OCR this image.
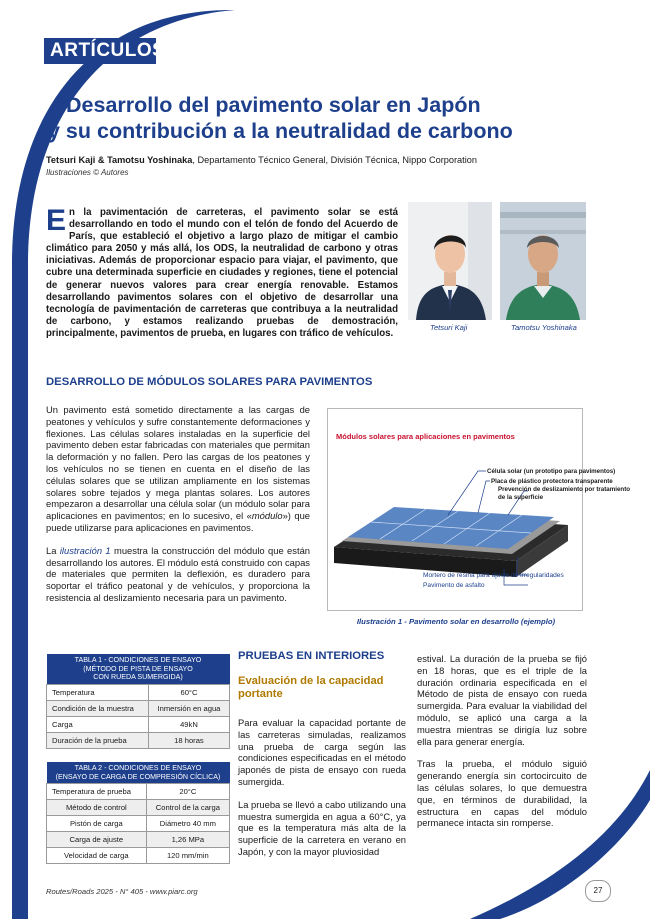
ARTÍCULOS
Desarrollo del pavimento solar en Japón
y su contribución a la neutralidad de carbono
Tetsuri Kaji & Tamotsu Yoshinaka, Departamento Técnico General, División Técnica, Nippo Corporation
Ilustraciones © Autores
En la pavimentación de carreteras, el pavimento solar se está desarrollando en todo el mundo con el telón de fondo del Acuerdo de París, que estableció el objetivo a largo plazo de mitigar el cambio climático para 2050 y más allá, los ODS, la neutralidad de carbono y otras iniciativas. Además de proporcionar espacio para viajar, el pavimento, que cubre una determinada superficie en ciudades y regiones, tiene el potencial de generar nuevos valores para crear energía renovable. Estamos desarrollando pavimentos solares con el objetivo de desarrollar una tecnología de pavimentación de carreteras que contribuya a la neutralidad de carbono, y estamos realizando pruebas de demostración, principalmente, pavimentos de prueba, en lugares con tráfico de vehículos.
Tetsuri Kaji	Tamotsu Yoshinaka
DESARROLLO DE MÓDULOS SOLARES PARA PAVIMENTOS

Un pavimento está sometido directamente a las cargas de peatones y vehículos y sufre constantemente deformaciones y flexiones. Las células solares instaladas en la superficie del pavimento deben estar fabricadas con materiales que permitan la deformación y no fallen. Pero las cargas de los peatones y los vehículos no se tienen en cuenta en el diseño de las células solares que se utilizan ampliamente en los sistemas solares sobre tejados y mega plantas solares. Los autores empezaron a desarrollar una célula solar (un módulo solar para aplicaciones en pavimentos; en lo sucesivo, el «módulo») que puede utilizarse para aplicaciones en pavimentos.

La ilustración 1 muestra la construcción del módulo que están desarrollando los autores. El módulo está construido con capas de materiales que permiten la deflexión, es duradero para soportar el tráfico peatonal y de vehículos, y proporciona la resistencia al deslizamiento necesaria para un pavimento.

Módulos solares para aplicaciones en pavimentos
Célula solar (un prototipo para pavimentos)
Placa de plástico protectora transparente
Prevención de deslizamiento por tratamiento
de la superficie
Mortero de resina para ajuste de irregularidades
Pavimento de asfalto
Ilustración 1 - Pavimento solar en desarrollo (ejemplo)
TABLA 1 - CONDICIONES DE ENSAYO
(MÉTODO DE PISTA DE ENSAYO
CON RUEDA SUMERGIDA)	
Temperatura	60°C
Condición de la muestra	Inmersión en agua
Carga	49kN
Duración de la prueba	18 horas
TABLA 2 - CONDICIONES DE ENSAYO
(ENSAYO DE CARGA DE COMPRESIÓN CÍCLICA)	
Temperatura de prueba	20°C
Método de control	Control de la carga
Pistón de carga	Diámetro 40 mm
Carga de ajuste	1,26 MPa
Velocidad de carga	120 mm/min
PRUEBAS EN INTERIORES
Evaluación de la capacidad portante

Para evaluar la capacidad portante de las carreteras simuladas, realizamos una prueba de carga según las condiciones especificadas en el método japonés de pista de ensayo con rueda sumergida.

La prueba se llevó a cabo utilizando una muestra sumergida en agua a 60°C, ya que es la temperatura más alta de la superficie de la carretera en verano en Japón, y con la mayor pluviosidad

estival. La duración de la prueba se fijó en 18 horas, que es el triple de la duración ordinaria especificada en el Método de pista de ensayo con rueda sumergida. Para evaluar la viabilidad del módulo, se aplicó una carga a la muestra mientras se dirigía luz sobre ella para generar energía.

Tras la prueba, el módulo siguió generando energía sin cortocircuito de las células solares, lo que demuestra que, en términos de durabilidad, la estructura en capas del módulo permanece intacta sin romperse.

Routes/Roads 2025 - N° 405 - www.piarc.org	27
